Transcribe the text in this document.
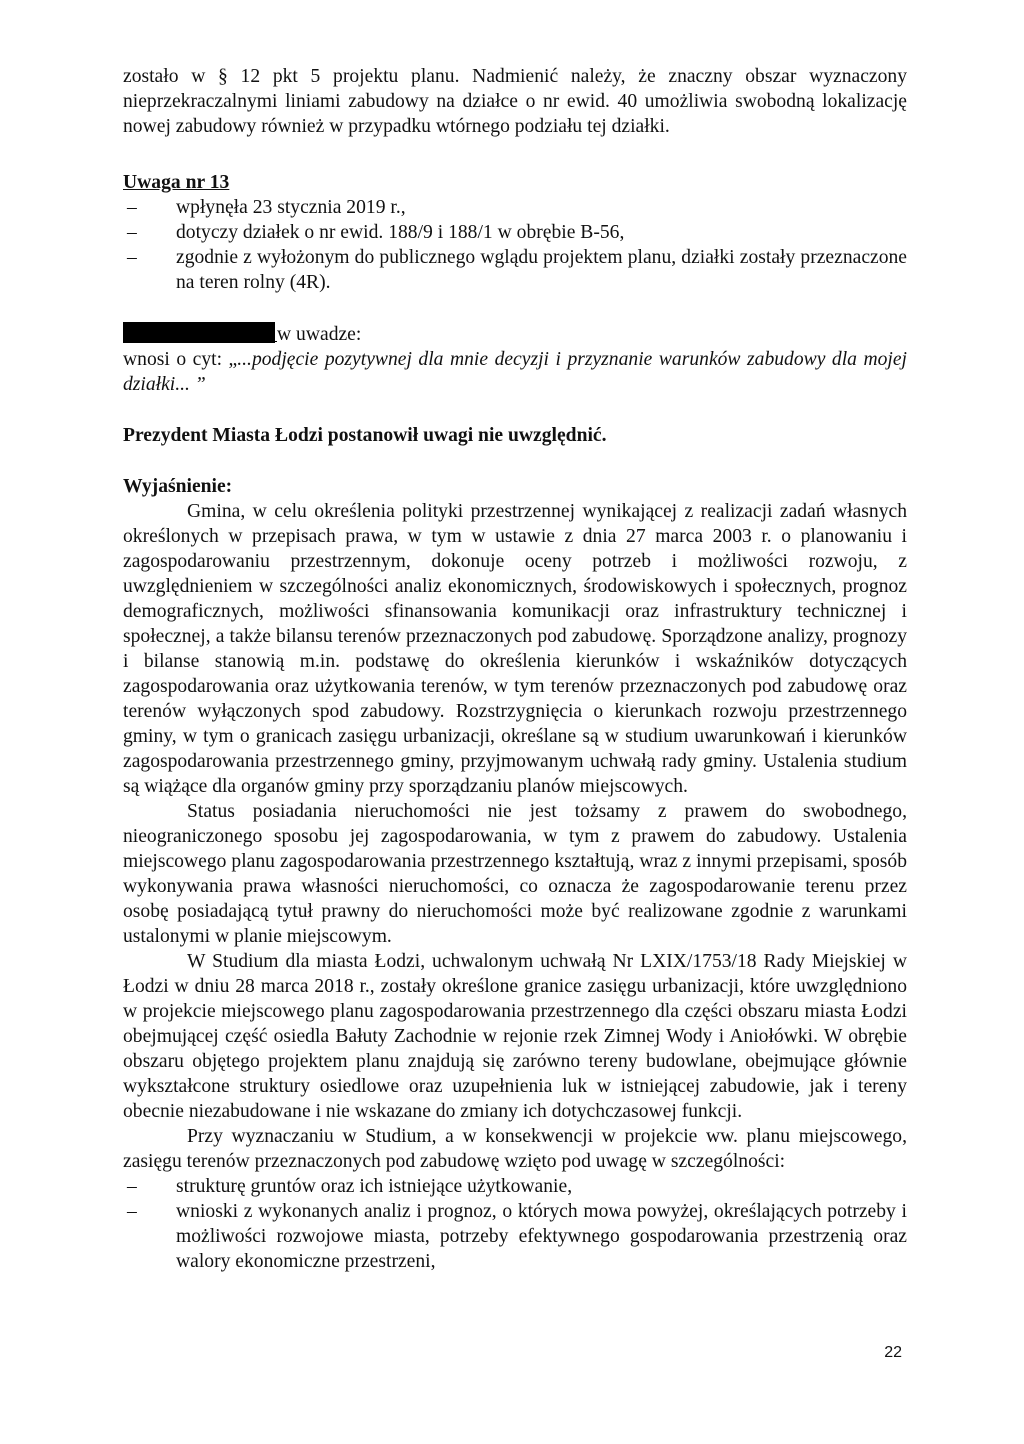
zostało w § 12 pkt 5 projektu planu. Nadmienić należy, że znaczny obszar wyznaczony nieprzekraczalnymi liniami zabudowy na działce o nr ewid. 40 umożliwia swobodną lokalizację nowej zabudowy również w przypadku wtórnego podziału tej działki.

Uwaga nr 13
– wpłynęła 23 stycznia 2019 r.,
– dotyczy działek o nr ewid. 188/9 i 188/1 w obrębie B-56,
– zgodnie z wyłożonym do publicznego wglądu projektem planu, działki zostały przeznaczone na teren rolny (4R).

w uwadze:

wnosi o cyt: „...podjęcie pozytywnej dla mnie decyzji i przyznanie warunków zabudowy dla mojej działki... ”

Prezydent Miasta Łodzi postanowił uwagi nie uwzględnić.
Wyjaśnienie:

Gmina, w celu określenia polityki przestrzennej wynikającej z realizacji zadań własnych określonych w przepisach prawa, w tym w ustawie z dnia 27 marca 2003 r. o planowaniu i zagospodarowaniu przestrzennym, dokonuje oceny potrzeb i możliwości rozwoju, z uwzględnieniem w szczególności analiz ekonomicznych, środowiskowych i społecznych, prognoz demograficznych, możliwości sfinansowania komunikacji oraz infrastruktury technicznej i społecznej, a także bilansu terenów przeznaczonych pod zabudowę. Sporządzone analizy, prognozy i bilanse stanowią m.in. podstawę do określenia kierunków i wskaźników dotyczących zagospodarowania oraz użytkowania terenów, w tym terenów przeznaczonych pod zabudowę oraz terenów wyłączonych spod zabudowy. Rozstrzygnięcia o kierunkach rozwoju przestrzennego gminy, w tym o granicach zasięgu urbanizacji, określane są w studium uwarunkowań i kierunków zagospodarowania przestrzennego gminy, przyjmowanym uchwałą rady gminy. Ustalenia studium są wiążące dla organów gminy przy sporządzaniu planów miejscowych.

Status posiadania nieruchomości nie jest tożsamy z prawem do swobodnego, nieograniczonego sposobu jej zagospodarowania, w tym z prawem do zabudowy. Ustalenia miejscowego planu zagospodarowania przestrzennego kształtują, wraz z innymi przepisami, sposób wykonywania prawa własności nieruchomości, co oznacza że zagospodarowanie terenu przez osobę posiadającą tytuł prawny do nieruchomości może być realizowane zgodnie z warunkami ustalonymi w planie miejscowym.

W Studium dla miasta Łodzi, uchwalonym uchwałą Nr LXIX/1753/18 Rady Miejskiej w Łodzi w dniu 28 marca 2018 r., zostały określone granice zasięgu urbanizacji, które uwzględniono w projekcie miejscowego planu zagospodarowania przestrzennego dla części obszaru miasta Łodzi obejmującej część osiedla Bałuty Zachodnie w rejonie rzek Zimnej Wody i Aniołówki. W obrębie obszaru objętego projektem planu znajdują się zarówno tereny budowlane, obejmujące głównie wykształcone struktury osiedlowe oraz uzupełnienia luk w istniejącej zabudowie, jak i tereny obecnie niezabudowane i nie wskazane do zmiany ich dotychczasowej funkcji.

Przy wyznaczaniu w Studium, a w konsekwencji w projekcie ww. planu miejscowego, zasięgu terenów przeznaczonych pod zabudowę wzięto pod uwagę w szczególności:

– strukturę gruntów oraz ich istniejące użytkowanie,
– wnioski z wykonanych analiz i prognoz, o których mowa powyżej, określających potrzeby i możliwości rozwojowe miasta, potrzeby efektywnego gospodarowania przestrzenią oraz walory ekonomiczne przestrzeni,
22
